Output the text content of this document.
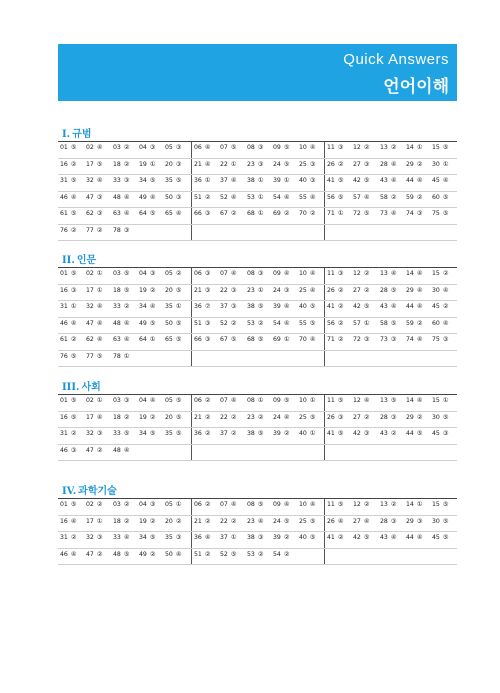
Quick Answers
언어이해
I. 규범
01 ⑤ 02 ④ 03 ② 04 ③ 05 ③ 06 ④ 07 ⑤ 08 ③ 09 ⑤ 10 ④ 11 ③ 12 ② 13 ② 14 ① 15 ⑤
16 ② 17 ⑤ 18 ② 19 ① 20 ③ 21 ④ 22 ① 23 ③ 24 ⑤ 25 ③ 26 ② 27 ③ 28 ④ 29 ② 30 ①
31 ⑤ 32 ④ 33 ③ 34 ⑤ 35 ⑤ 36 ① 37 ④ 38 ① 39 ① 40 ③ 41 ⑤ 42 ⑤ 43 ④ 44 ④ 45 ④
46 ④ 47 ③ 48 ④ 49 ④ 50 ③ 51 ② 52 ④ 53 ① 54 ④ 55 ④ 56 ⑤ 57 ④ 58 ② 59 ② 60 ⑤
61 ⑤ 62 ③ 63 ④ 64 ⑤ 65 ④ 66 ③ 67 ② 68 ① 69 ② 70 ② 71 ① 72 ⑤ 73 ④ 74 ③ 75 ⑤
76 ② 77 ② 78 ③
II. 인문
01 ⑤ 02 ① 03 ⑤ 04 ③ 05 ② 06 ③ 07 ④ 08 ③ 09 ④ 10 ④ 11 ③ 12 ② 13 ④ 14 ④ 15 ②
16 ③ 17 ① 18 ⑤ 19 ② 20 ⑤ 21 ③ 22 ③ 23 ① 24 ③ 25 ④ 26 ② 27 ② 28 ⑤ 29 ④ 30 ④
31 ① 32 ④ 33 ② 34 ④ 35 ① 36 ⑦ 37 ③ 38 ⑤ 39 ④ 40 ⑤ 41 ② 42 ⑤ 43 ④ 44 ④ 45 ②
46 ④ 47 ④ 48 ④ 49 ⑤ 50 ⑤ 51 ③ 52 ② 53 ② 54 ④ 55 ⑤ 56 ② 57 ① 58 ⑤ 59 ② 60 ④
61 ② 62 ④ 63 ④ 64 ① 65 ⑤ 66 ③ 67 ⑤ 68 ⑤ 69 ① 70 ④ 71 ② 72 ③ 73 ③ 74 ④ 75 ③
76 ⑤ 77 ⑤ 78 ①
III. 사회
01 ⑤ 02 ① 03 ③ 04 ④ 05 ⑤ 06 ② 07 ④ 08 ① 09 ⑤ 10 ① 11 ⑤ 12 ④ 13 ⑤ 14 ④ 15 ①
16 ⑤ 17 ④ 18 ② 19 ② 20 ⑤ 21 ② 22 ② 23 ② 24 ④ 25 ⑤ 26 ③ 27 ② 28 ③ 29 ② 30 ⑤
31 ② 32 ③ 33 ⑤ 34 ⑤ 35 ⑤ 36 ② 37 ② 38 ⑤ 39 ② 40 ① 41 ⑤ 42 ③ 43 ② 44 ⑤ 45 ③
46 ③ 47 ② 48 ④
IV. 과학기술
01 ⑤ 02 ② 03 ② 04 ③ 05 ① 06 ② 07 ④ 08 ⑤ 09 ④ 10 ④ 11 ⑤ 12 ② 13 ② 14 ① 15 ⑤
16 ④ 17 ① 18 ② 19 ② 20 ② 21 ② 22 ② 23 ④ 24 ⑤ 25 ⑤ 26 ④ 27 ④ 28 ③ 29 ③ 30 ⑤
31 ② 32 ③ 33 ④ 34 ⑤ 35 ③ 36 ④ 37 ① 38 ③ 39 ② 40 ⑤ 41 ② 42 ⑤ 43 ④ 44 ④ 45 ⑤
46 ④ 47 ② 48 ⑤ 49 ② 50 ④ 51 ② 52 ⑤ 53 ② 54 ②
